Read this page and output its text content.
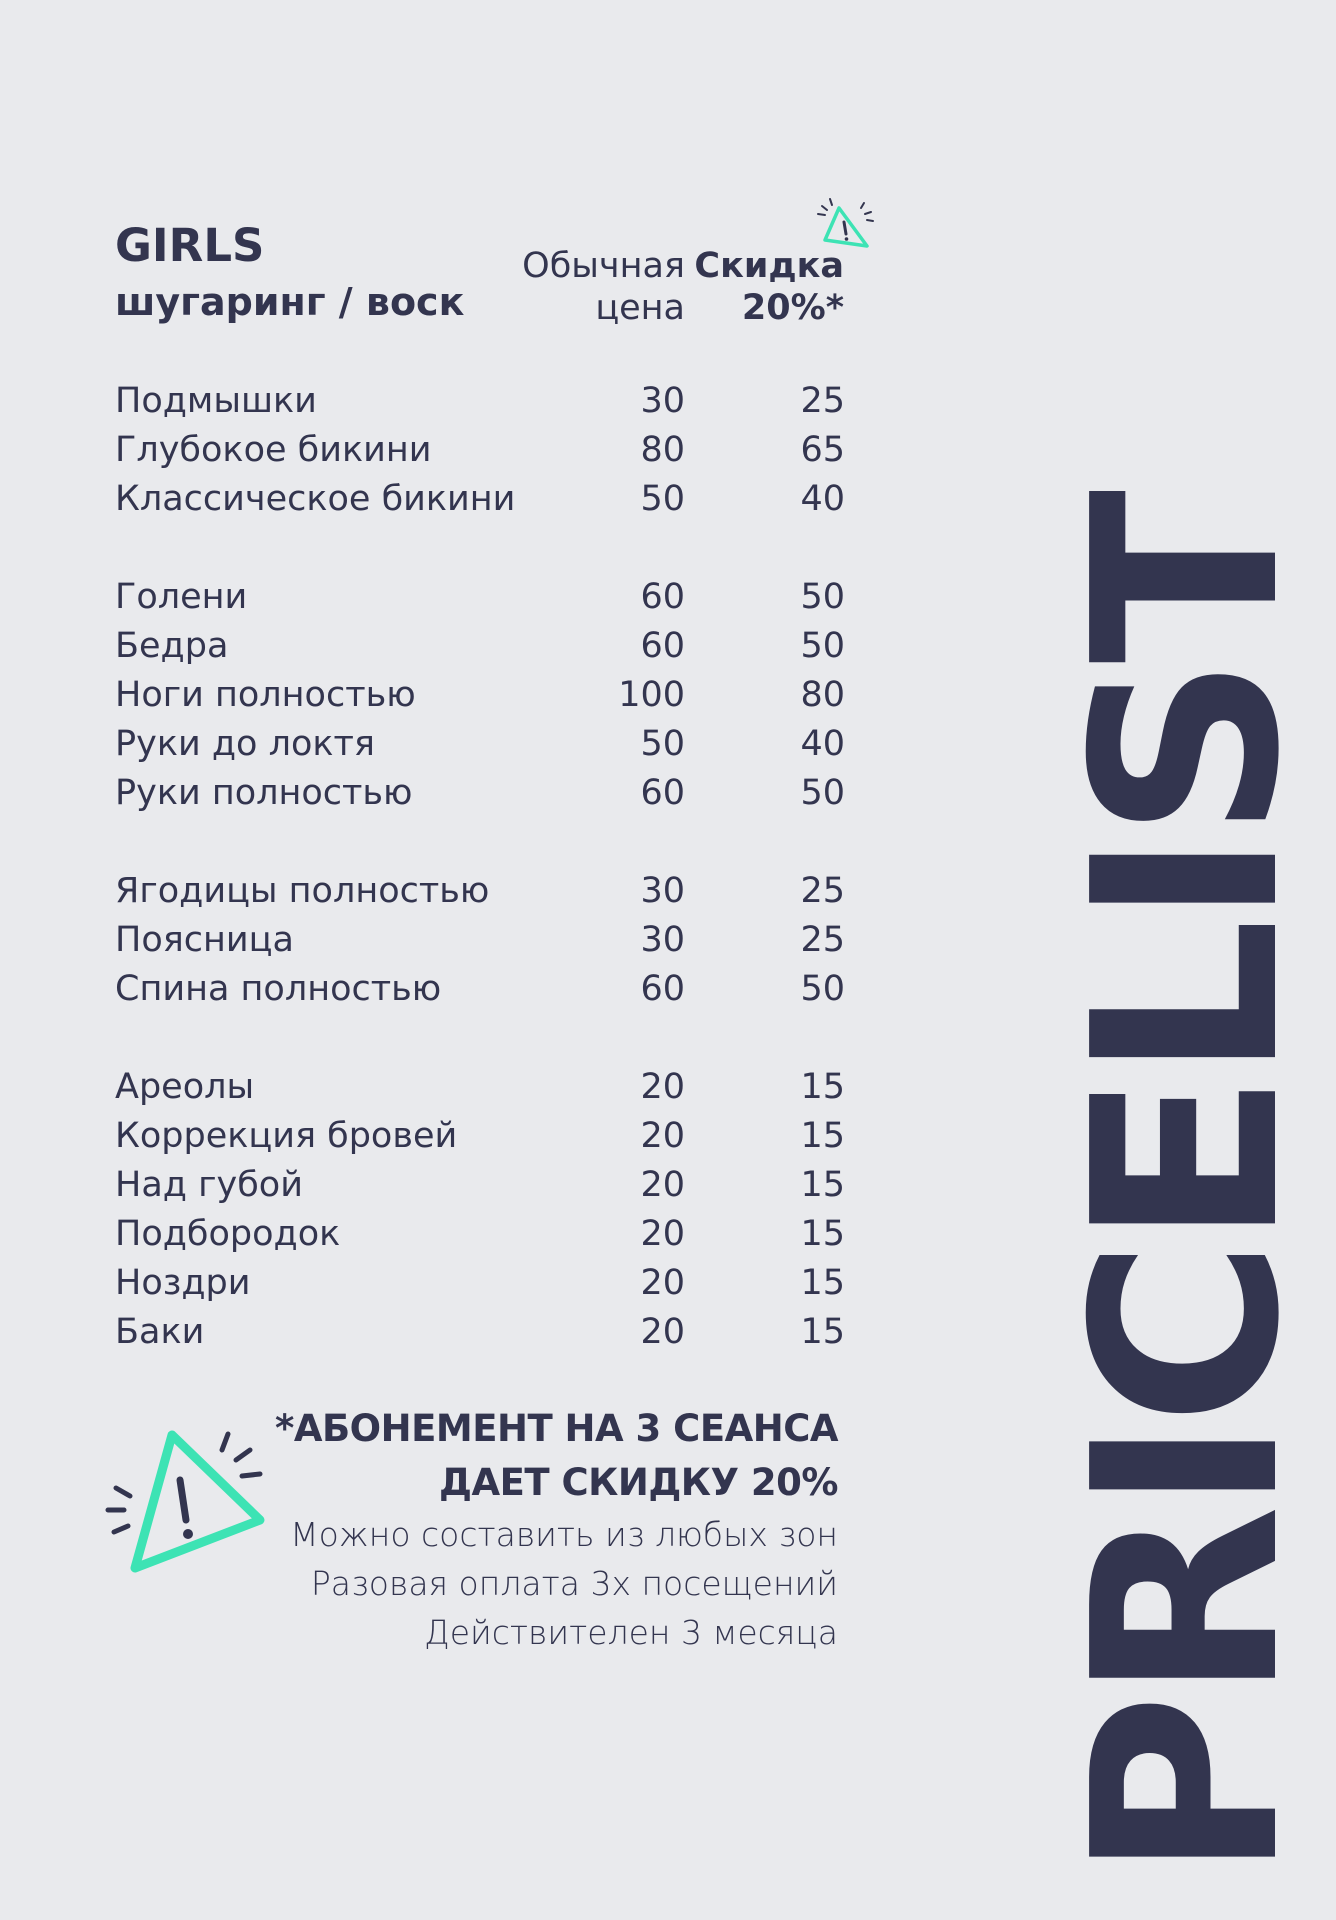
PRICELIST
GIRLS
шугаринг / воск
Обычная цена
Скидка 20%*
Подмышки	30	25
Глубокое бикини	80	65
Классическое бикини	50	40
Голени	60	50
Бедра	60	50
Ноги полностью	100	80
Руки до локтя	50	40
Руки полностью	60	50
Ягодицы полностью	30	25
Поясница	30	25
Спина полностью	60	50
Ареолы	20	15
Коррекция бровей	20	15
Над губой	20	15
Подбородок	20	15
Ноздри	20	15
Баки	20	15
*АБОНЕМЕНТ НА 3 СЕАНСА
ДАЕТ СКИДКУ 20%
Можно составить из любых зон
Разовая оплата 3х посещений
Действителен 3 месяца
